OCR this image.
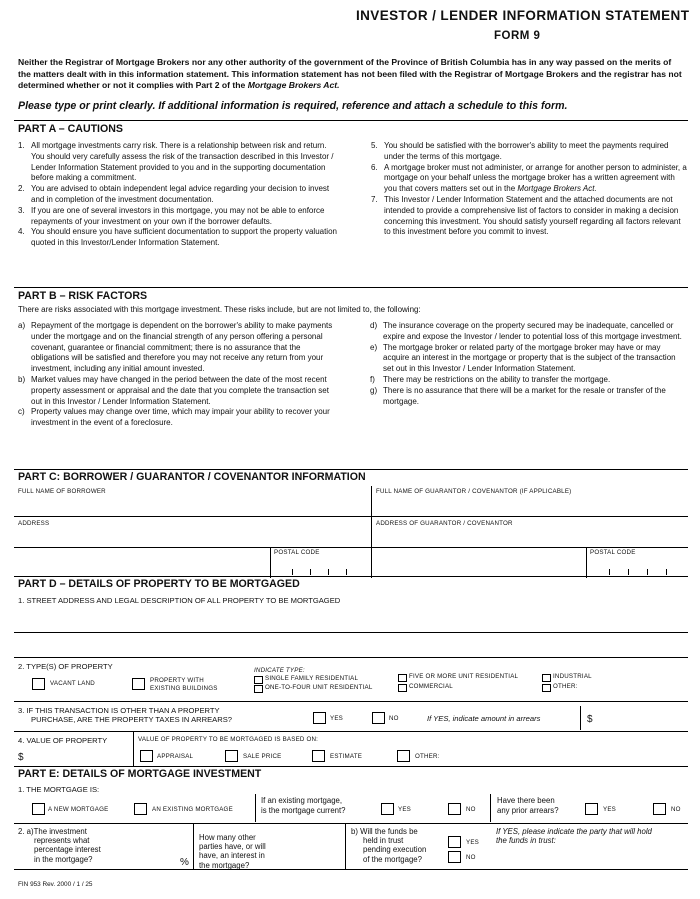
INVESTOR / LENDER INFORMATION STATEMENT
FORM 9
Neither the Registrar of Mortgage Brokers nor any other authority of the government of the Province of British Columbia has in any way passed on the merits of the matters dealt with in this information statement. This information statement has not been filed with the Registrar of Mortgage Brokers and the registrar has not determined whether or not it complies with Part 2 of the Mortgage Brokers Act.
Please type or print clearly. If additional information is required, reference and attach a schedule to this form.
PART A – CAUTIONS
1. All mortgage investments carry risk. There is a relationship between risk and return. You should very carefully assess the risk of the transaction described in this Investor / Lender Information Statement provided to you and in the supporting documentation before making a commitment.
2. You are advised to obtain independent legal advice regarding your decision to invest and in completion of the investment documentation.
3. If you are one of several investors in this mortgage, you may not be able to enforce repayments of your investment on your own if the borrower defaults.
4. You should ensure you have sufficient documentation to support the property valuation quoted in this Investor/Lender Information Statement.
5. You should be satisfied with the borrower's ability to meet the payments required under the terms of this mortgage.
6. A mortgage broker must not administer, or arrange for another person to administer, a mortgage on your behalf unless the mortgage broker has a written agreement with you that covers matters set out in the Mortgage Brokers Act.
7. This Investor / Lender Information Statement and the attached documents are not intended to provide a comprehensive list of factors to consider in making a decision concerning this investment. You should satisfy yourself regarding all factors relevant to this investment before you commit to invest.
PART B – RISK FACTORS
There are risks associated with this mortgage investment. These risks include, but are not limited to, the following:
a) Repayment of the mortgage is dependent on the borrower's ability to make payments under the mortgage and on the financial strength of any person offering a personal covenant, guarantee or financial commitment; there is no assurance that the obligations will be satisfied and therefore you may not receive any return from your investment, including any initial amount invested.
b) Market values may have changed in the period between the date of the most recent property assessment or appraisal and the date that you complete the transaction set out in this Investor / Lender Information Statement.
c) Property values may change over time, which may impair your ability to recover your investment in the event of a foreclosure.
d) The insurance coverage on the property secured may be inadequate, cancelled or expire and expose the Investor / lender to potential loss of this mortgage investment.
e) The mortgage broker or related party of the mortgage broker may have or may acquire an interest in the mortgage or property that is the subject of the transaction set out in this Investor / Lender Information Statement.
f) There may be restrictions on the ability to transfer the mortgage.
g) There is no assurance that there will be a market for the resale or transfer of the mortgage.
PART C: BORROWER / GUARANTOR / COVENANTOR INFORMATION
FULL NAME OF BORROWER	FULL NAME OF GUARANTOR / COVENANTOR (IF APPLICABLE)
ADDRESS	ADDRESS OF GUARANTOR / COVENANTOR
POSTAL CODE	POSTAL CODE
PART D – DETAILS OF PROPERTY TO BE MORTGAGED
1. STREET ADDRESS AND LEGAL DESCRIPTION OF ALL PROPERTY TO BE MORTGAGED
2. TYPE(S) OF PROPERTY
VACANT LAND	PROPERTY WITH
EXISTING BUILDINGS
INDICATE TYPE:
SINGLE FAMILY RESIDENTIAL
ONE-TO-FOUR UNIT RESIDENTIAL
FIVE OR MORE UNIT RESIDENTIAL
COMMERCIAL
INDUSTRIAL
OTHER:
3. IF THIS TRANSACTION IS OTHER THAN A PROPERTY
PURCHASE, ARE THE PROPERTY TAXES IN ARREARS?	YES	NO	If YES, indicate amount in arrears	$
4. VALUE OF PROPERTY	VALUE OF PROPERTY TO BE MORTGAGED IS BASED ON:
$	APPRAISAL	SALE PRICE	ESTIMATE	OTHER:
PART E: DETAILS OF MORTGAGE INVESTMENT
1. THE MORTGAGE IS:
A NEW MORTGAGE	AN EXISTING MORTGAGE
If an existing mortgage,
is the mortgage current?	YES	NO
Have there been
any prior arrears?	YES	NO
2. a)The investment
represents what
percentage interest
in the mortgage?	%
How many other
parties have, or will
have, an interest in
the mortgage?
b) Will the funds be
held in trust
pending execution
of the mortgage?
YES
NO
If YES, please indicate the party that will hold
the funds in trust:
FIN 953 Rev. 2000 / 1 / 25
